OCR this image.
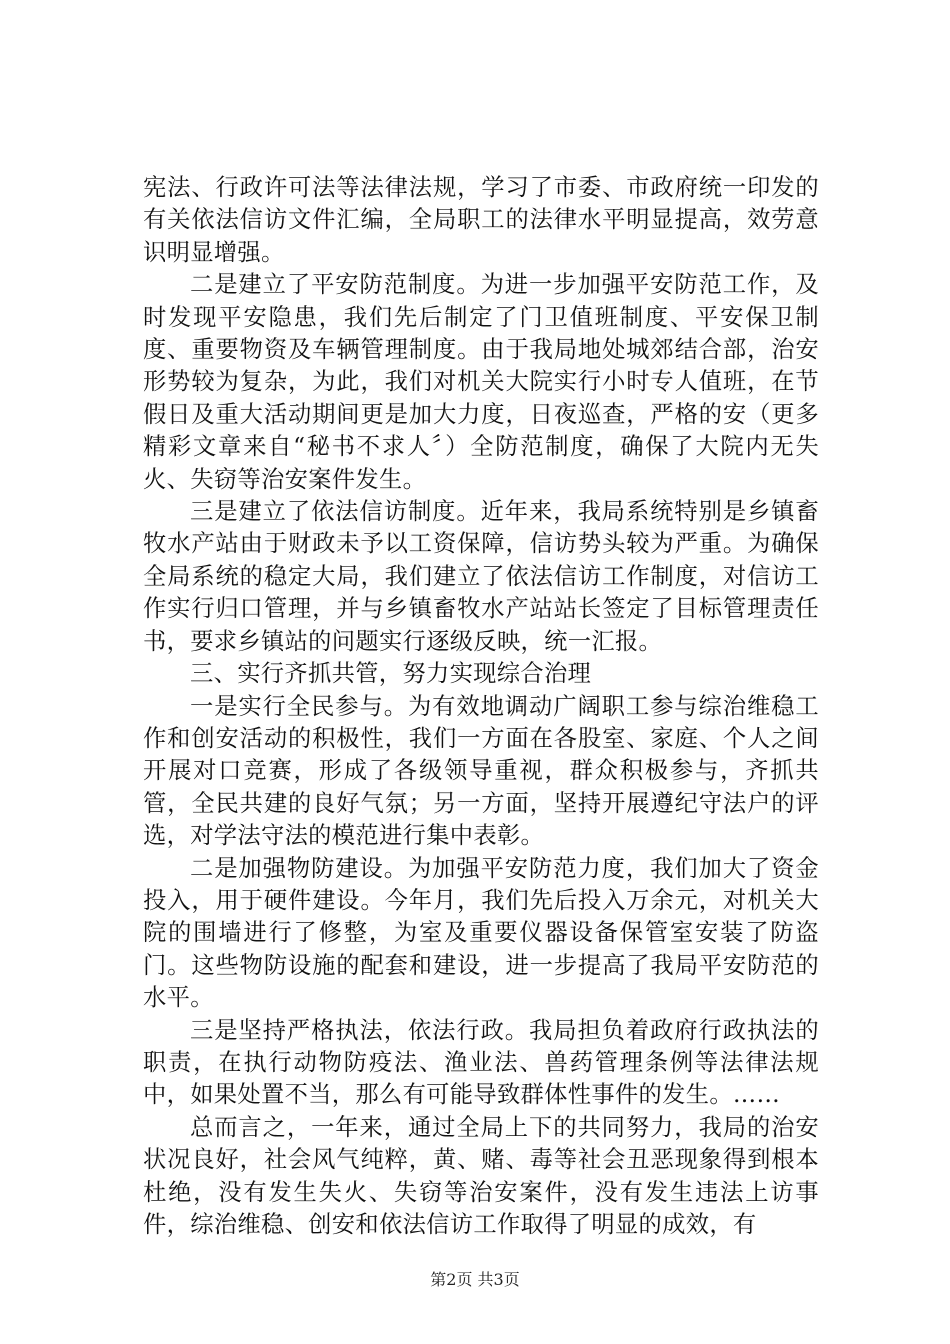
宪法、行政许可法等法律法规，学习了市委、市政府统一印发的有关依法信访文件汇编，全局职工的法律水平明显提高，效劳意识明显增强。

二是建立了平安防范制度。为进一步加强平安防范工作，及时发现平安隐患，我们先后制定了门卫值班制度、平安保卫制度、重要物资及车辆管理制度。由于我局地处城郊结合部，治安形势较为复杂，为此，我们对机关大院实行小时专人值班，在节假日及重大活动期间更是加大力度，日夜巡查，严格的安（更多精彩文章来自“秘书不求人〞）全防范制度，确保了大院内无失火、失窃等治安案件发生。

三是建立了依法信访制度。近年来，我局系统特别是乡镇畜牧水产站由于财政未予以工资保障，信访势头较为严重。为确保全局系统的稳定大局，我们建立了依法信访工作制度，对信访工作实行归口管理，并与乡镇畜牧水产站站长签定了目标管理责任书，要求乡镇站的问题实行逐级反映，统一汇报。

三、实行齐抓共管，努力实现综合治理

一是实行全民参与。为有效地调动广阔职工参与综治维稳工作和创安活动的积极性，我们一方面在各股室、家庭、个人之间开展对口竞赛，形成了各级领导重视，群众积极参与，齐抓共管，全民共建的良好气氛；另一方面，坚持开展遵纪守法户的评选，对学法守法的模范进行集中表彰。

二是加强物防建设。为加强平安防范力度，我们加大了资金投入，用于硬件建设。今年月，我们先后投入万余元，对机关大院的围墙进行了修整，为室及重要仪器设备保管室安装了防盗门。这些物防设施的配套和建设，进一步提高了我局平安防范的水平。

三是坚持严格执法，依法行政。我局担负着政府行政执法的职责，在执行动物防疫法、渔业法、兽药管理条例等法律法规中，如果处置不当，那么有可能导致群体性事件的发生。……

总而言之，一年来，通过全局上下的共同努力，我局的治安状况良好，社会风气纯粹，黄、赌、毒等社会丑恶现象得到根本杜绝，没有发生失火、失窃等治安案件，没有发生违法上访事件，综治维稳、创安和依法信访工作取得了明显的成效，有

第2页 共3页
